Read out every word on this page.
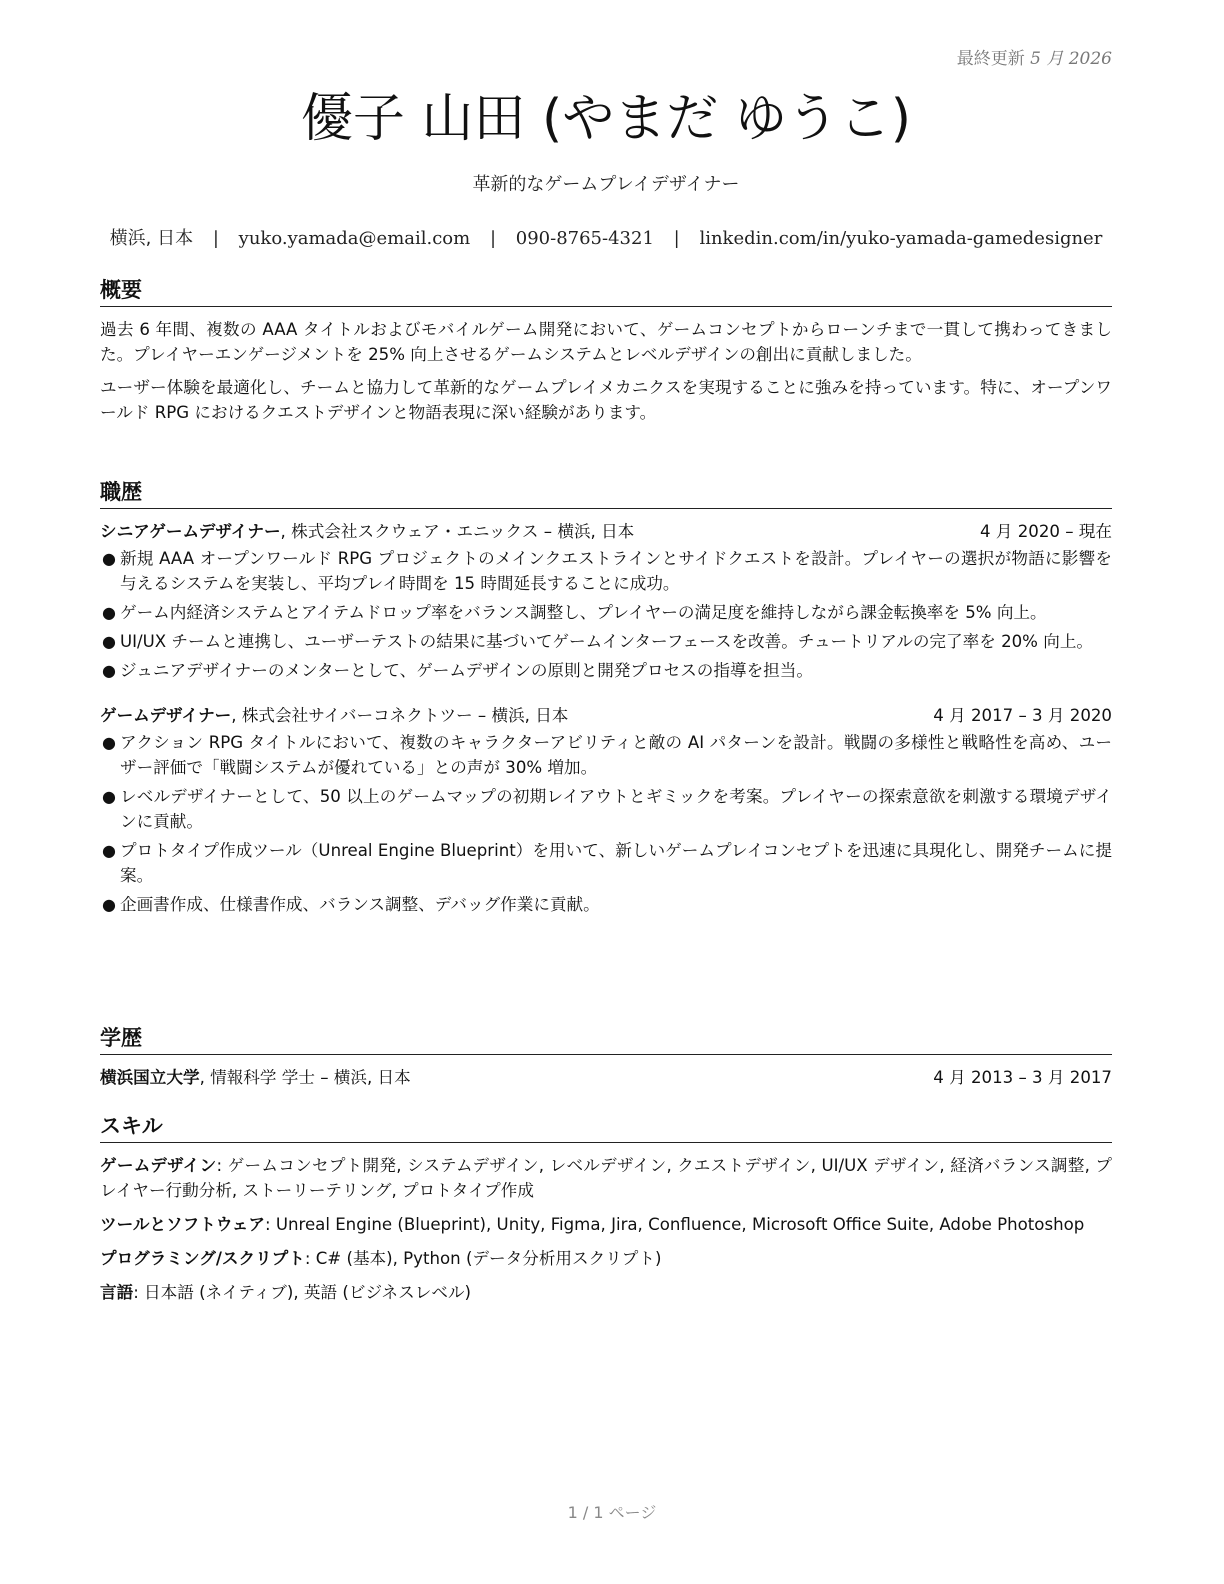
最終更新 5 月 2026
優子 山田 (やまだ ゆうこ)
革新的なゲームプレイデザイナー
横浜, 日本 | yuko.yamada@email.com | 090-8765-4321 | linkedin.com/in/yuko-yamada-gamedesigner
概要

過去 6 年間、複数の AAA タイトルおよびモバイルゲーム開発において、ゲームコンセプトからローンチまで一貫して携わってきました。プレイヤーエンゲージメントを 25% 向上させるゲームシステムとレベルデザインの創出に貢献しました。

ユーザー体験を最適化し、チームと協力して革新的なゲームプレイメカニクスを実現することに強みを持っています。特に、オープンワールド RPG におけるクエストデザインと物語表現に深い経験があります。

職歴
シニアゲームデザイナー, 株式会社スクウェア・エニックス – 横浜, 日本	4 月 2020 – 現在
● 新規 AAA オープンワールド RPG プロジェクトのメインクエストラインとサイドクエストを設計。プレイヤーの選択が物語に影響を与えるシステムを実装し、平均プレイ時間を 15 時間延長することに成功。
● ゲーム内経済システムとアイテムドロップ率をバランス調整し、プレイヤーの満足度を維持しながら課金転換率を 5% 向上。
● UI/UX チームと連携し、ユーザーテストの結果に基づいてゲームインターフェースを改善。チュートリアルの完了率を 20% 向上。
● ジュニアデザイナーのメンターとして、ゲームデザインの原則と開発プロセスの指導を担当。
ゲームデザイナー, 株式会社サイバーコネクトツー – 横浜, 日本	4 月 2017 – 3 月 2020
● アクション RPG タイトルにおいて、複数のキャラクターアビリティと敵の AI パターンを設計。戦闘の多様性と戦略性を高め、ユーザー評価で「戦闘システムが優れている」との声が 30% 増加。
● レベルデザイナーとして、50 以上のゲームマップの初期レイアウトとギミックを考案。プレイヤーの探索意欲を刺激する環境デザインに貢献。
● プロトタイプ作成ツール（Unreal Engine Blueprint）を用いて、新しいゲームプレイコンセプトを迅速に具現化し、開発チームに提案。
● 企画書作成、仕様書作成、バランス調整、デバッグ作業に貢献。
学歴
横浜国立大学, 情報科学 学士 – 横浜, 日本	4 月 2013 – 3 月 2017
スキル

ゲームデザイン: ゲームコンセプト開発, システムデザイン, レベルデザイン, クエストデザイン, UI/UX デザイン, 経済バランス調整, プレイヤー行動分析, ストーリーテリング, プロトタイプ作成

ツールとソフトウェア: Unreal Engine (Blueprint), Unity, Figma, Jira, Confluence, Microsoft Office Suite, Adobe Photoshop

プログラミング/スクリプト: C# (基本), Python (データ分析用スクリプト)

言語: 日本語 (ネイティブ), 英語 (ビジネスレベル)

1 / 1 ページ
